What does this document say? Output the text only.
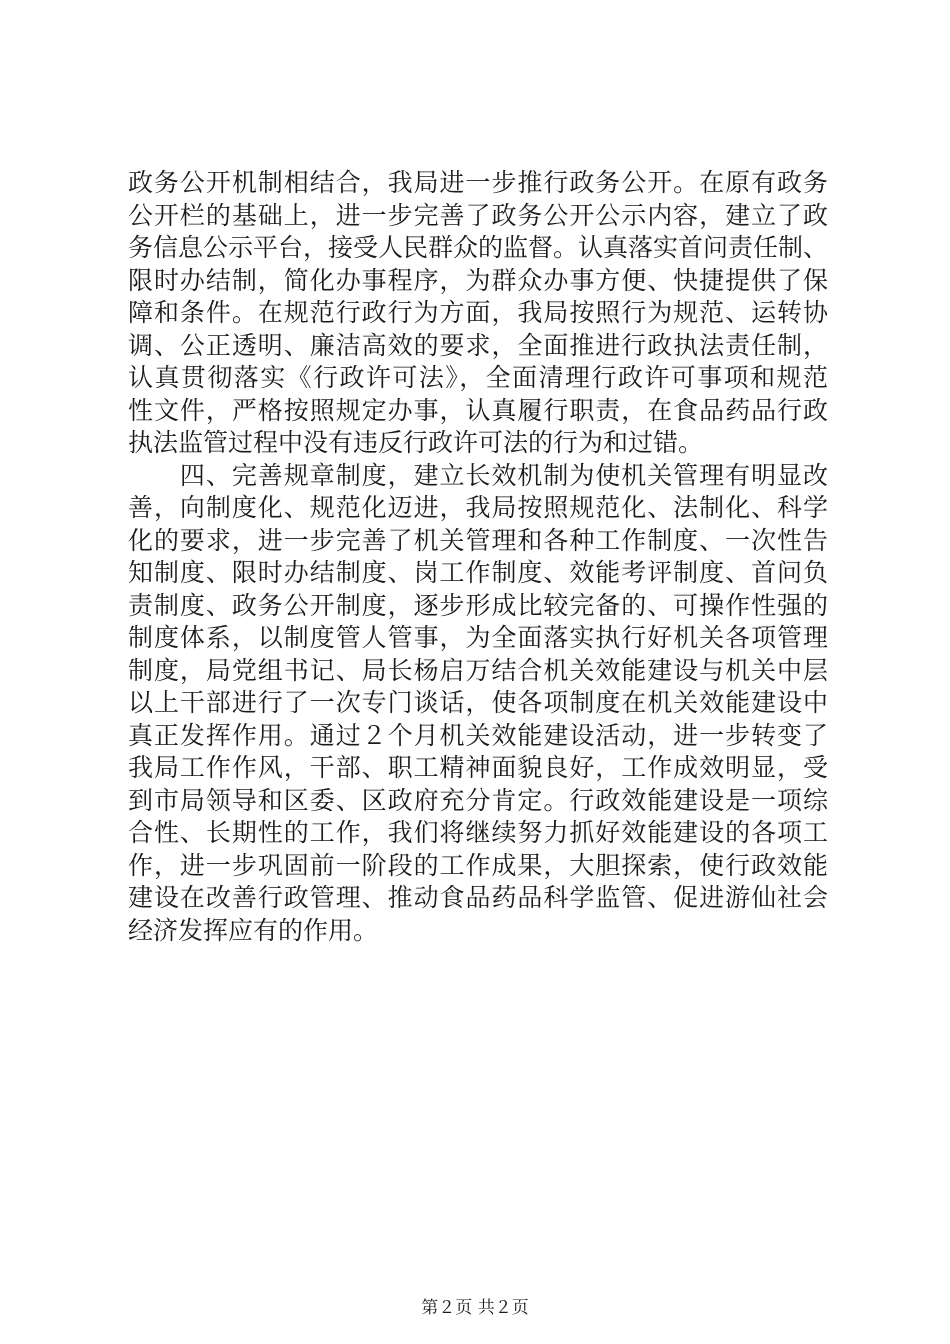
政务公开机制相结合，我局进一步推行政务公开。在原有政务
公开栏的基础上，进一步完善了政务公开公示内容，建立了政
务信息公示平台，接受人民群众的监督。认真落实首问责任制、
限时办结制，简化办事程序，为群众办事方便、快捷提供了保
障和条件。在规范行政行为方面，我局按照行为规范、运转协
调、公正透明、廉洁高效的要求，全面推进行政执法责任制，
认真贯彻落实《行政许可法》，全面清理行政许可事项和规范
性文件，严格按照规定办事，认真履行职责，在食品药品行政
执法监管过程中没有违反行政许可法的行为和过错。
　　四、完善规章制度，建立长效机制为使机关管理有明显改
善，向制度化、规范化迈进，我局按照规范化、法制化、科学
化的要求，进一步完善了机关管理和各种工作制度、一次性告
知制度、限时办结制度、岗工作制度、效能考评制度、首问负
责制度、政务公开制度，逐步形成比较完备的、可操作性强的
制度体系，以制度管人管事，为全面落实执行好机关各项管理
制度，局党组书记、局长杨启万结合机关效能建设与机关中层
以上干部进行了一次专门谈话，使各项制度在机关效能建设中
真正发挥作用。通过２个月机关效能建设活动，进一步转变了
我局工作作风，干部、职工精神面貌良好，工作成效明显，受
到市局领导和区委、区政府充分肯定。行政效能建设是一项综
合性、长期性的工作，我们将继续努力抓好效能建设的各项工
作，进一步巩固前一阶段的工作成果，大胆探索，使行政效能
建设在改善行政管理、推动食品药品科学监管、促进游仙社会
经济发挥应有的作用。
第２页 共２页
